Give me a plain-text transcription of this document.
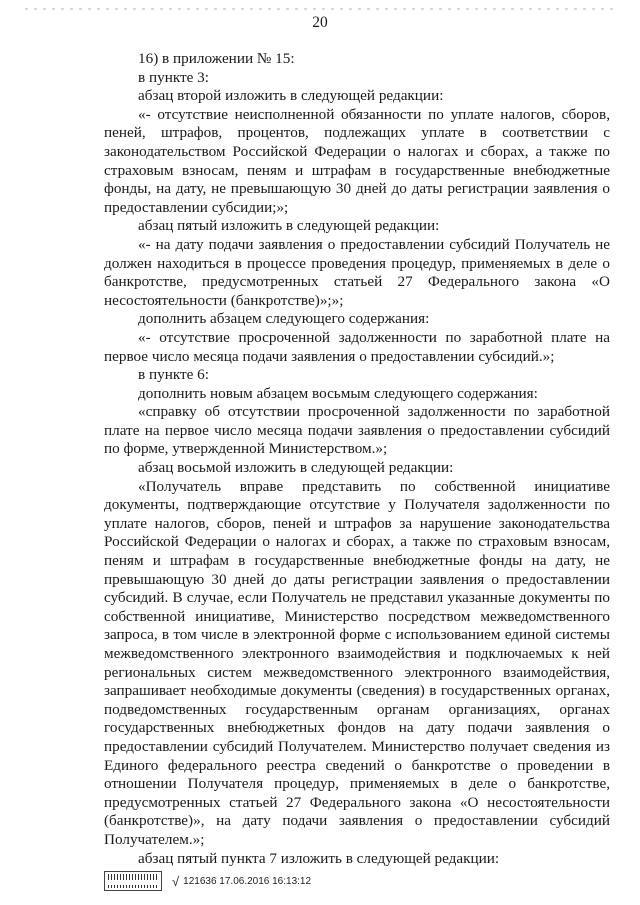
20

16) в приложении № 15:

в пункте 3:

абзац второй изложить в следующей редакции:

«- отсутствие неисполненной обязанности по уплате налогов, сборов, пеней, штрафов, процентов, подлежащих уплате в соответствии с законодательством Российской Федерации о налогах и сборах, а также по страховым взносам, пеням и штрафам в государственные внебюджетные фонды, на дату, не превышающую 30 дней до даты регистрации заявления о предоставлении субсидии;»;

абзац пятый изложить в следующей редакции:

«- на дату подачи заявления о предоставлении субсидий Получатель не должен находиться в процессе проведения процедур, применяемых в деле о банкротстве, предусмотренных статьей 27 Федерального закона «О несостоятельности (банкротстве)»;»;

дополнить абзацем следующего содержания:

«- отсутствие просроченной задолженности по заработной плате на первое число месяца подачи заявления о предоставлении субсидий.»;

в пункте 6:

дополнить новым абзацем восьмым следующего содержания:

«справку об отсутствии просроченной задолженности по заработной плате на первое число месяца подачи заявления о предоставлении субсидий по форме, утвержденной Министерством.»;

абзац восьмой изложить в следующей редакции:

«Получатель вправе представить по собственной инициативе документы, подтверждающие отсутствие у Получателя задолженности по уплате налогов, сборов, пеней и штрафов за нарушение законодательства Российской Федерации о налогах и сборах, а также по страховым взносам, пеням и штрафам в государственные внебюджетные фонды на дату, не превышающую 30 дней до даты регистрации заявления о предоставлении субсидий. В случае, если Получатель не представил указанные документы по собственной инициативе, Министерство посредством межведомственного запроса, в том числе в электронной форме с использованием единой системы межведомственного электронного взаимодействия и подключаемых к ней региональных систем межведомственного электронного взаимодействия, запрашивает необходимые документы (сведения) в государственных органах, подведомственных государственным органам организациях, органах государственных внебюджетных фондов на дату подачи заявления о предоставлении субсидий Получателем. Министерство получает сведения из Единого федерального реестра сведений о банкротстве о проведении в отношении Получателя процедур, применяемых в деле о банкротстве, предусмотренных статьей 27 Федерального закона «О несостоятельности (банкротстве)», на дату подачи заявления о предоставлении субсидий Получателем.»;

абзац пятый пункта 7 изложить в следующей редакции:

√ 121636 17.06.2016 16:13:12
